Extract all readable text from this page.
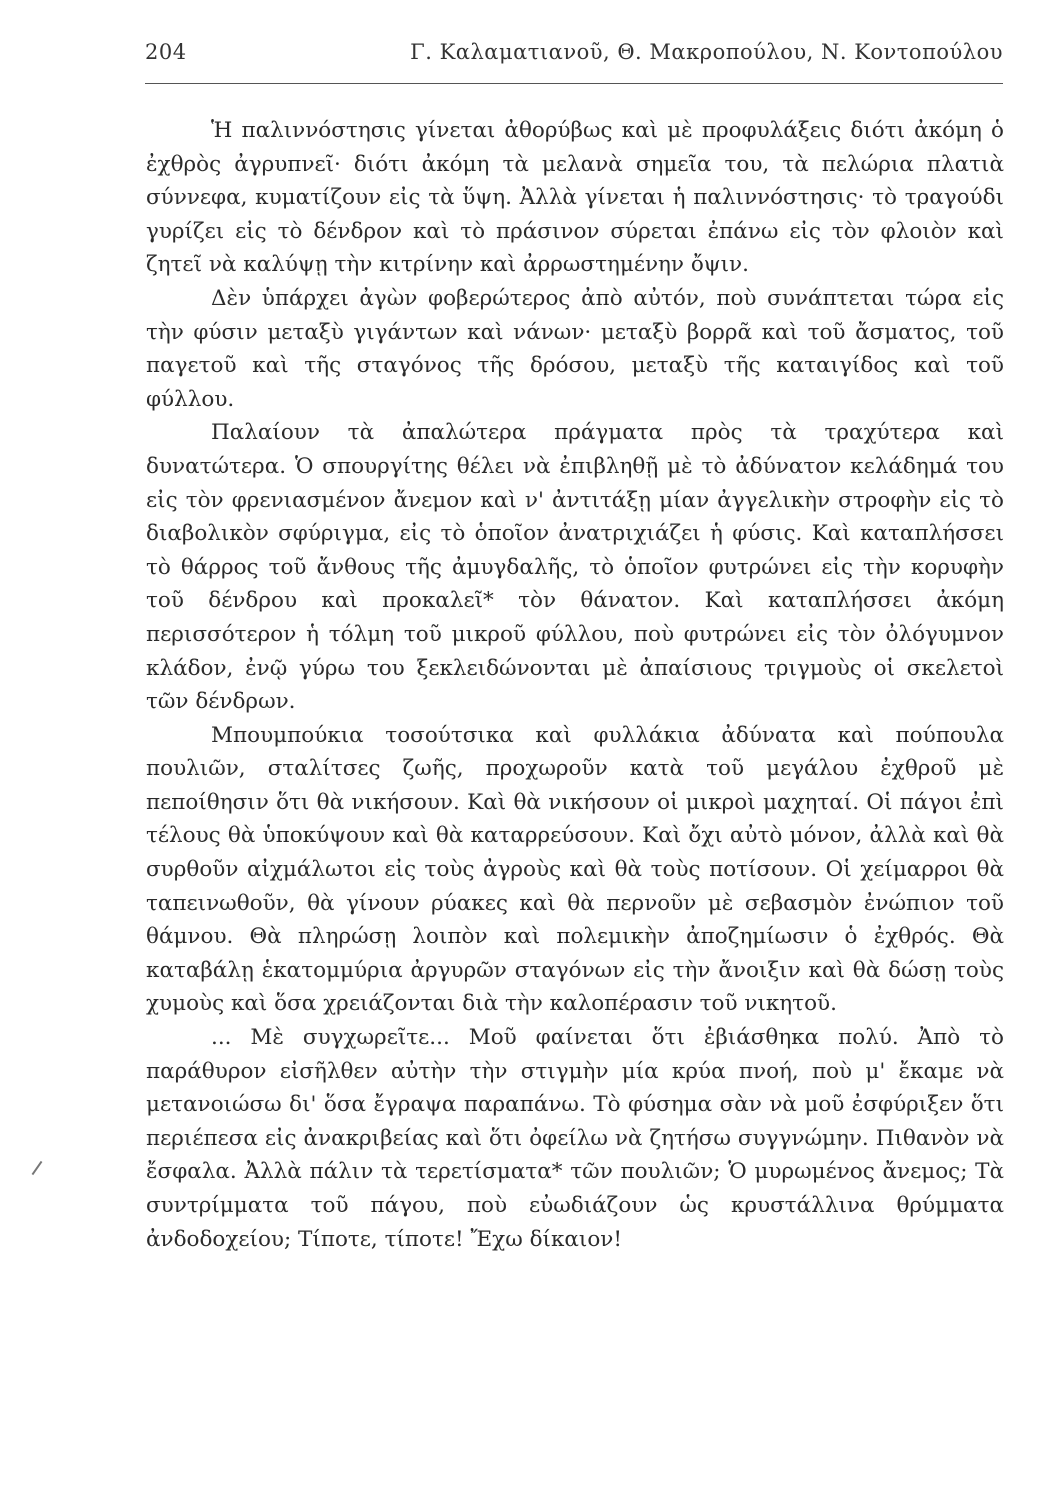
204	Γ. Καλαματιανοῦ, Θ. Μακροπούλου, Ν. Κοντοπούλου

Ἡ παλιννόστησις γίνεται ἀθορύβως καὶ μὲ προφυλάξεις διότι ἀκόμη ὁ ἐχθρὸς ἀγρυπνεῖ· διότι ἀκόμη τὰ μελανὰ σημεῖα του, τὰ πελώρια πλατιὰ σύννεφα, κυματίζουν εἰς τὰ ὕψη. Ἀλλὰ γίνεται ἡ παλιννόστησις· τὸ τραγούδι γυρίζει εἰς τὸ δένδρον καὶ τὸ πράσινον σύρεται ἐπάνω εἰς τὸν φλοιὸν καὶ ζητεῖ νὰ καλύψῃ τὴν κιτρίνην καὶ ἀρρωστημένην ὄψιν.

Δὲν ὑπάρχει ἀγὼν φοβερώτερος ἀπὸ αὐτόν, ποὺ συνάπτεται τώρα εἰς τὴν φύσιν μεταξὺ γιγάντων καὶ νάνων· μεταξὺ βορρᾶ καὶ τοῦ ἄσματος, τοῦ παγετοῦ καὶ τῆς σταγόνος τῆς δρόσου, μεταξὺ τῆς καταιγίδος καὶ τοῦ φύλλου.

Παλαίουν τὰ ἀπαλώτερα πράγματα πρὸς τὰ τραχύτερα καὶ δυνατώτερα. Ὁ σπουργίτης θέλει νὰ ἐπιβληθῇ μὲ τὸ ἀδύνατον κελάδημά του εἰς τὸν φρενιασμένον ἄνεμον καὶ ν' ἀντιτάξῃ μίαν ἀγγελικὴν στροφὴν εἰς τὸ διαβολικὸν σφύριγμα, εἰς τὸ ὁποῖον ἀνατριχιάζει ἡ φύσις. Καὶ καταπλήσσει τὸ θάρρος τοῦ ἄνθους τῆς ἀμυγδαλῆς, τὸ ὁποῖον φυτρώνει εἰς τὴν κορυφὴν τοῦ δένδρου καὶ προκαλεῖ* τὸν θάνατον. Καὶ καταπλήσσει ἀκόμη περισσότερον ἡ τόλμη τοῦ μικροῦ φύλλου, ποὺ φυτρώνει εἰς τὸν ὀλόγυμνον κλάδον, ἐνῷ γύρω του ξεκλειδώνονται μὲ ἀπαίσιους τριγμοὺς οἱ σκελετοὶ τῶν δένδρων.

Μπουμπούκια τοσούτσικα καὶ φυλλάκια ἀδύνατα καὶ πούπουλα πουλιῶν, σταλίτσες ζωῆς, προχωροῦν κατὰ τοῦ μεγάλου ἐχθροῦ μὲ πεποίθησιν ὅτι θὰ νικήσουν. Καὶ θὰ νικήσουν οἱ μικροὶ μαχηταί. Οἱ πάγοι ἐπὶ τέλους θὰ ὑποκύψουν καὶ θὰ καταρρεύσουν. Καὶ ὄχι αὐτὸ μόνον, ἀλλὰ καὶ θὰ συρθοῦν αἰχμάλωτοι εἰς τοὺς ἀγροὺς καὶ θὰ τοὺς ποτίσουν. Οἱ χείμαρροι θὰ ταπεινωθοῦν, θὰ γίνουν ρύακες καὶ θὰ περνοῦν μὲ σεβασμὸν ἐνώπιον τοῦ θάμνου. Θὰ πληρώσῃ λοιπὸν καὶ πολεμικὴν ἀποζημίωσιν ὁ ἐχθρός. Θὰ καταβάλῃ ἑκατομμύρια ἀργυρῶν σταγόνων εἰς τὴν ἄνοιξιν καὶ θὰ δώσῃ τοὺς χυμοὺς καὶ ὅσα χρειάζονται διὰ τὴν καλοπέρασιν τοῦ νικητοῦ.

... Μὲ συγχωρεῖτε... Μοῦ φαίνεται ὅτι ἐβιάσθηκα πολύ. Ἀπὸ τὸ παράθυρον εἰσῆλθεν αὐτὴν τὴν στιγμὴν μία κρύα πνοή, ποὺ μ' ἔκαμε νὰ μετανοιώσω δι' ὅσα ἔγραψα παραπάνω. Τὸ φύσημα σὰν νὰ μοῦ ἐσφύριξεν ὅτι περιέπεσα εἰς ἀνακριβείας καὶ ὅτι ὀφείλω νὰ ζητήσω συγγνώμην. Πιθανὸν νὰ ἔσφαλα. Ἀλλὰ πάλιν τὰ τερετίσματα* τῶν πουλιῶν; Ὁ μυρωμένος ἄνεμος; Τὰ συντρίμματα τοῦ πάγου, ποὺ εὐωδιάζουν ὡς κρυστάλλινα θρύμματα ἀνδοδοχείου; Τίποτε, τίποτε! Ἔχω δίκαιον!
